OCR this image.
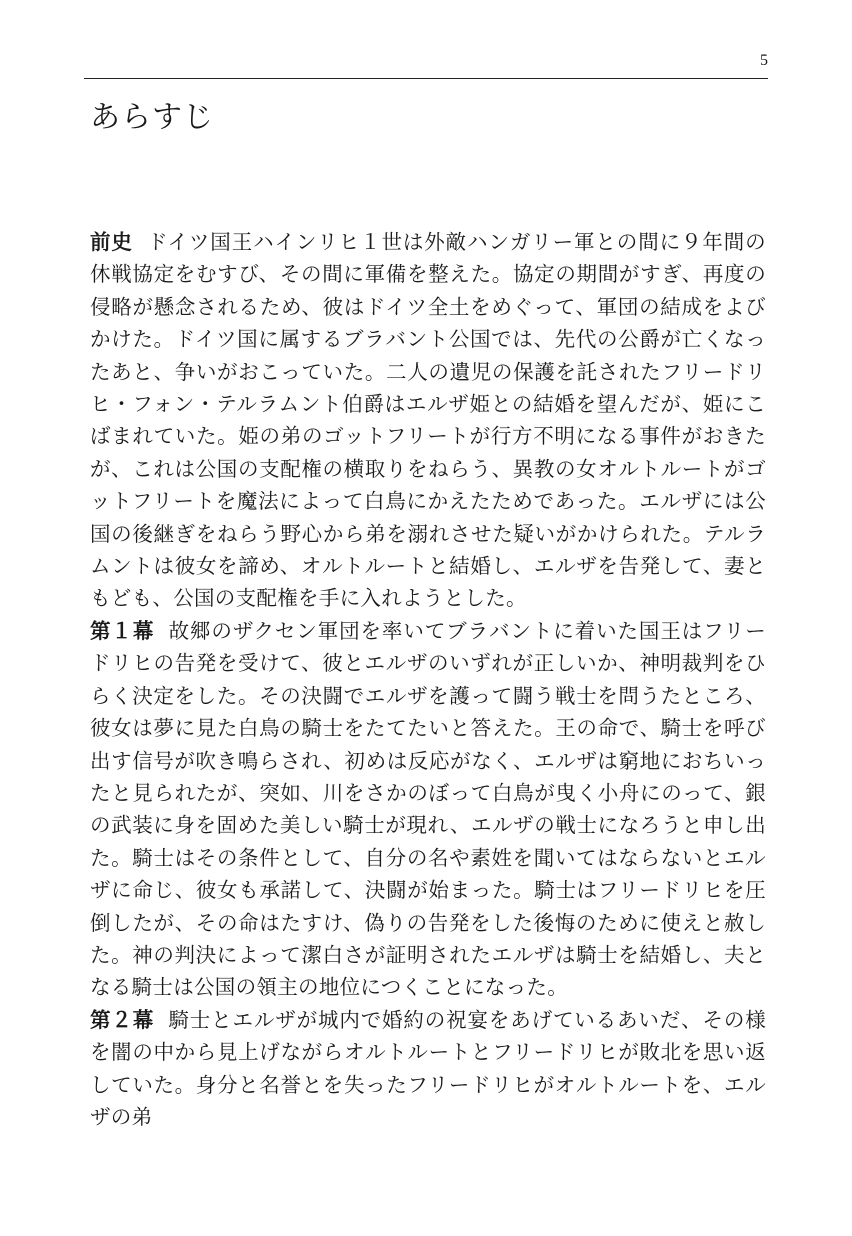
5
あらすじ

前史 ドイツ国王ハインリヒ１世は外敵ハンガリー軍との間に９年間の休戦協定をむすび、その間に軍備を整えた。協定の期間がすぎ、再度の侵略が懸念されるため、彼はドイツ全土をめぐって、軍団の結成をよびかけた。ドイツ国に属するブラバント公国では、先代の公爵が亡くなったあと、争いがおこっていた。二人の遺児の保護を託されたフリードリヒ・フォン・テルラムント伯爵はエルザ姫との結婚を望んだが、姫にこばまれていた。姫の弟のゴットフリートが行方不明になる事件がおきたが、これは公国の支配権の横取りをねらう、異教の女オルトルートがゴットフリートを魔法によって白鳥にかえたためであった。エルザには公国の後継ぎをねらう野心から弟を溺れさせた疑いがかけられた。テルラムントは彼女を諦め、オルトルートと結婚し、エルザを告発して、妻ともども、公国の支配権を手に入れようとした。

第１幕 故郷のザクセン軍団を率いてブラバントに着いた国王はフリードリヒの告発を受けて、彼とエルザのいずれが正しいか、神明裁判をひらく決定をした。その決闘でエルザを護って闘う戦士を問うたところ、彼女は夢に見た白鳥の騎士をたてたいと答えた。王の命で、騎士を呼び出す信号が吹き鳴らされ、初めは反応がなく、エルザは窮地におちいったと見られたが、突如、川をさかのぼって白鳥が曳く小舟にのって、銀の武装に身を固めた美しい騎士が現れ、エルザの戦士になろうと申し出た。騎士はその条件として、自分の名や素姓を聞いてはならないとエルザに命じ、彼女も承諾して、決闘が始まった。騎士はフリードリヒを圧倒したが、その命はたすけ、偽りの告発をした後悔のために使えと赦した。神の判決によって潔白さが証明されたエルザは騎士を結婚し、夫となる騎士は公国の領主の地位につくことになった。

第２幕 騎士とエルザが城内で婚約の祝宴をあげているあいだ、その様を闇の中から見上げながらオルトルートとフリードリヒが敗北を思い返していた。身分と名誉とを失ったフリードリヒがオルトルートを、エルザの弟
